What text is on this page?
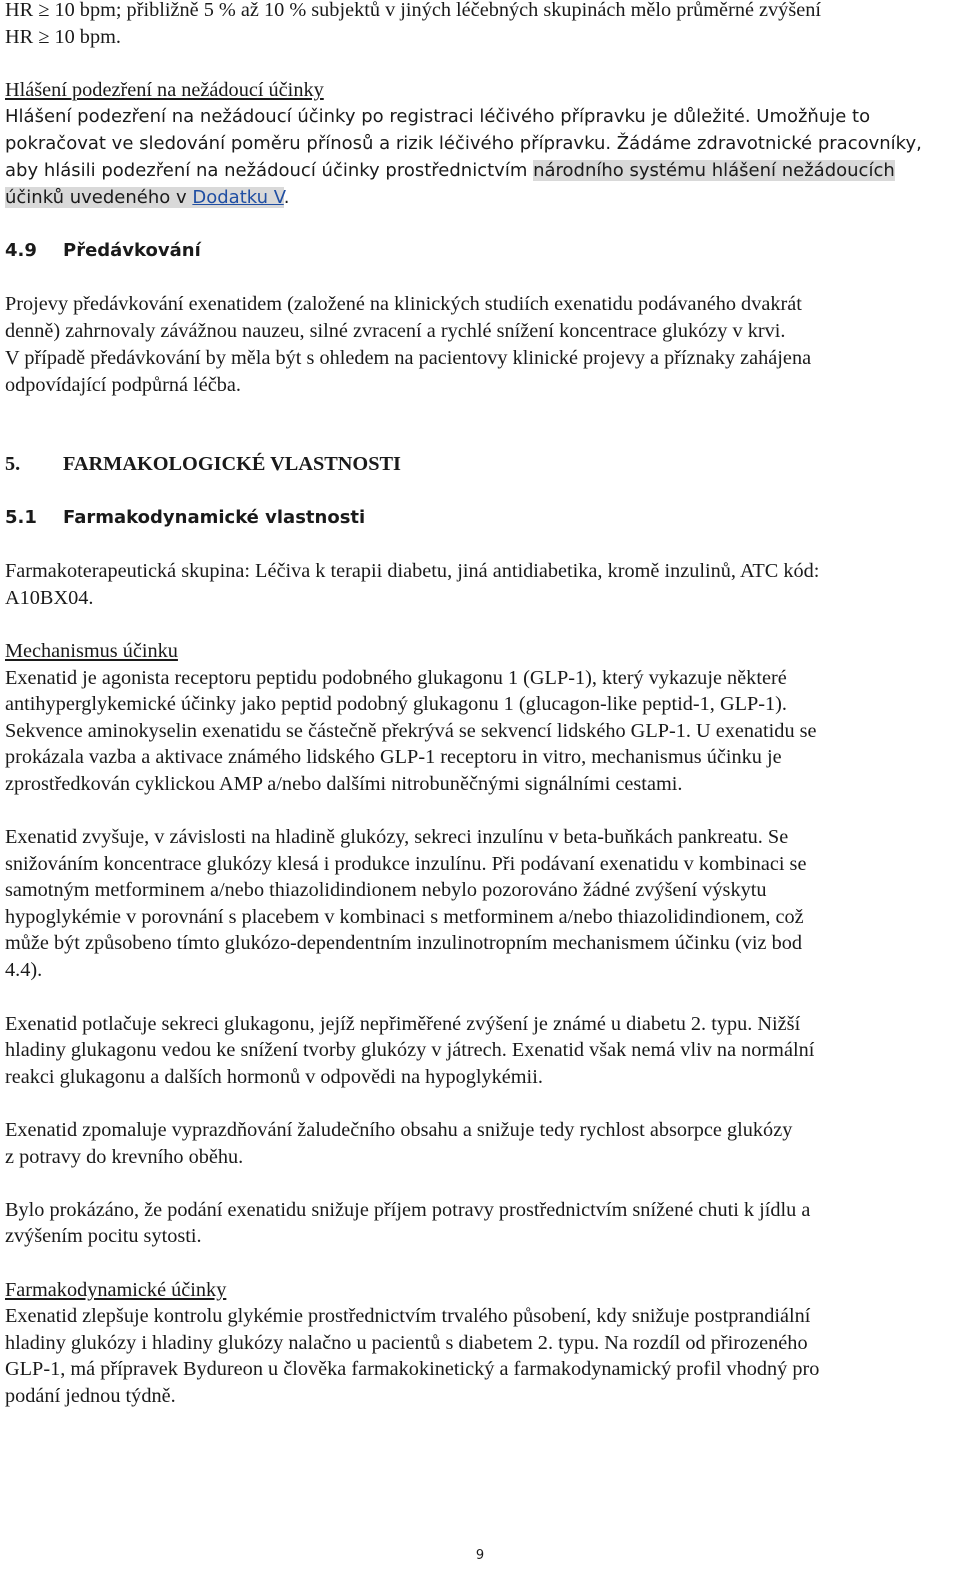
HR ≥ 10 bpm; přibližně 5 % až 10 % subjektů v jiných léčebných skupinách mělo průměrné zvýšení

HR ≥ 10 bpm.

Hlášení podezření na nežádoucí účinky

Hlášení podezření na nežádoucí účinky po registraci léčivého přípravku je důležité. Umožňuje to

pokračovat ve sledování poměru přínosů a rizik léčivého přípravku. Žádáme zdravotnické pracovníky,

aby hlásili podezření na nežádoucí účinky prostřednictvím národního systému hlášení nežádoucích

účinků uvedeného v Dodatku V.

4.9 Předávkování

Projevy předávkování exenatidem (založené na klinických studiích exenatidu podávaného dvakrát

denně) zahrnovaly závážnou nauzeu, silné zvracení a rychlé snížení koncentrace glukózy v krvi.

V případě předávkování by měla být s ohledem na pacientovy klinické projevy a příznaky zahájena

odpovídající podpůrná léčba.

5. FARMAKOLOGICKÉ VLASTNOSTI

5.1 Farmakodynamické vlastnosti

Farmakoterapeutická skupina: Léčiva k terapii diabetu, jiná antidiabetika, kromě inzulinů, ATC kód:

A10BX04.

Mechanismus účinku

Exenatid je agonista receptoru peptidu podobného glukagonu 1 (GLP-1), který vykazuje některé

antihyperglykemické účinky jako peptid podobný glukagonu 1 (glucagon-like peptid-1, GLP-1).

Sekvence aminokyselin exenatidu se částečně překrývá se sekvencí lidského GLP-1. U exenatidu se

prokázala vazba a aktivace známého lidského GLP-1 receptoru in vitro, mechanismus účinku je

zprostředkován cyklickou AMP a/nebo dalšími nitrobuněčnými signálními cestami.

Exenatid zvyšuje, v závislosti na hladině glukózy, sekreci inzulínu v beta-buňkách pankreatu. Se

snižováním koncentrace glukózy klesá i produkce inzulínu. Při podávaní exenatidu v kombinaci se

samotným metforminem a/nebo thiazolidindionem nebylo pozorováno žádné zvýšení výskytu

hypoglykémie v porovnání s placebem v kombinaci s metforminem a/nebo thiazolidindionem, což

může být způsobeno tímto glukózo-dependentním inzulinotropním mechanismem účinku (viz bod

4.4).

Exenatid potlačuje sekreci glukagonu, jejíž nepřiměřené zvýšení je známé u diabetu 2. typu. Nižší

hladiny glukagonu vedou ke snížení tvorby glukózy v játrech. Exenatid však nemá vliv na normální

reakci glukagonu a dalších hormonů v odpovědi na hypoglykémii.

Exenatid zpomaluje vyprazdňování žaludečního obsahu a snižuje tedy rychlost absorpce glukózy

z potravy do krevního oběhu.

Bylo prokázáno, že podání exenatidu snižuje příjem potravy prostřednictvím snížené chuti k jídlu a

zvýšením pocitu sytosti.

Farmakodynamické účinky

Exenatid zlepšuje kontrolu glykémie prostřednictvím trvalého působení, kdy snižuje postprandiální

hladiny glukózy i hladiny glukózy nalačno u pacientů s diabetem 2. typu. Na rozdíl od přirozeného

GLP-1, má přípravek Bydureon u člověka farmakokinetický a farmakodynamický profil vhodný pro

podání jednou týdně.

9
